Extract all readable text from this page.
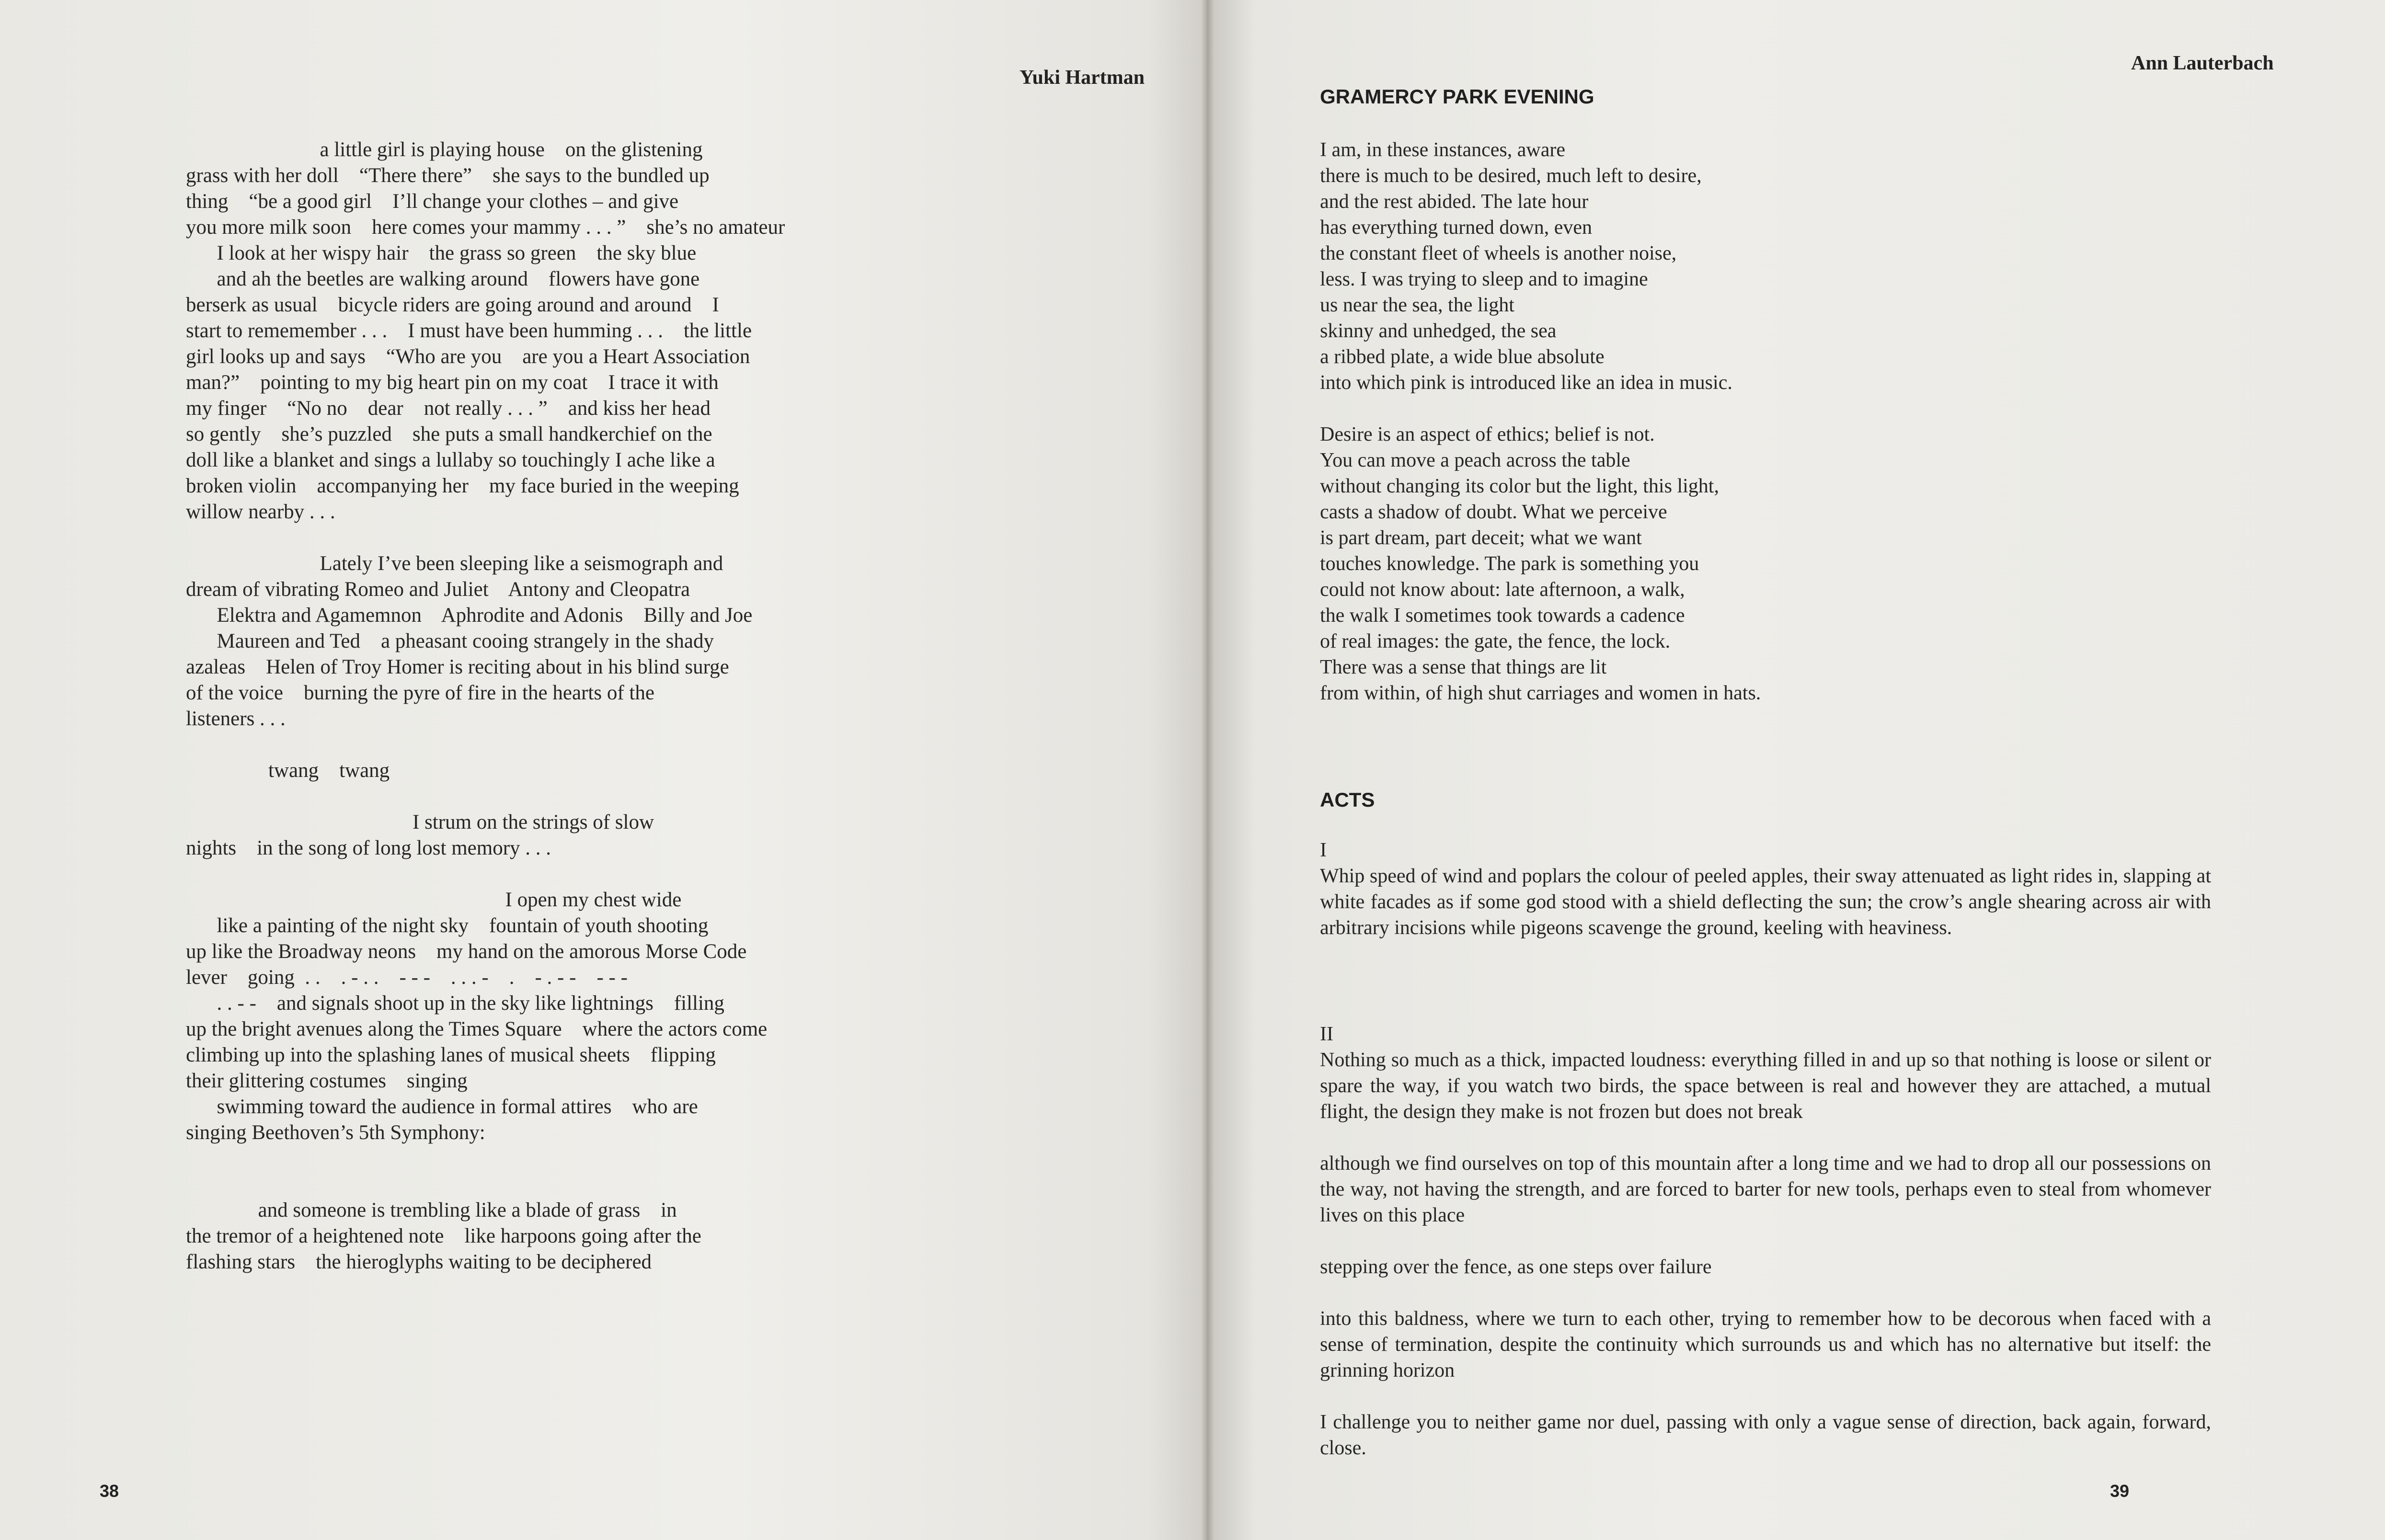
Yuki Hartman
a little girl is playing house    on the glistening
grass with her doll    “There there”    she says to the bundled up
thing    “be a good girl    I’ll change your clothes – and give
you more milk soon    here comes your mammy . . . ”    she’s no amateur
I look at her wispy hair    the grass so green    the sky blue
and ah the beetles are walking around    flowers have gone
berserk as usual    bicycle riders are going around and around    I
start to rememember . . .    I must have been humming . . .    the little
girl looks up and says    “Who are you    are you a Heart Association
man?”    pointing to my big heart pin on my coat    I trace it with
my finger    “No no    dear    not really . . . ”    and kiss her head
so gently    she’s puzzled    she puts a small handkerchief on the
doll like a blanket and sings a lullaby so touchingly I ache like a
broken violin    accompanying her    my face buried in the weeping
willow nearby . . .
Lately I’ve been sleeping like a seismograph and
dream of vibrating Romeo and Juliet    Antony and Cleopatra
Elektra and Agamemnon    Aphrodite and Adonis    Billy and Joe
Maureen and Ted    a pheasant cooing strangely in the shady
azaleas    Helen of Troy Homer is reciting about in his blind surge
of the voice    burning the pyre of fire in the hearts of the
listeners . . .
twang    twang
I strum on the strings of slow
nights    in the song of long lost memory . . .
I open my chest wide
like a painting of the night sky    fountain of youth shooting
up like the Broadway neons    my hand on the amorous Morse Code
lever    going  . .    . - . .    - - -    . . . -    .    - . - -    - - -
. . - -    and signals shoot up in the sky like lightnings    filling
up the bright avenues along the Times Square    where the actors come
climbing up into the splashing lanes of musical sheets    flipping
their glittering costumes    singing
swimming toward the audience in formal attires    who are
singing Beethoven’s 5th Symphony:
and someone is trembling like a blade of grass    in
the tremor of a heightened note    like harpoons going after the
flashing stars    the hieroglyphs waiting to be deciphered
38
Ann Lauterbach
39
GRAMERCY PARK EVENING
I am, in these instances, aware
there is much to be desired, much left to desire,
and the rest abided. The late hour
has everything turned down, even
the constant fleet of wheels is another noise,
less. I was trying to sleep and to imagine
us near the sea, the light
skinny and unhedged, the sea
a ribbed plate, a wide blue absolute
into which pink is introduced like an idea in music.
Desire is an aspect of ethics; belief is not.
You can move a peach across the table
without changing its color but the light, this light,
casts a shadow of doubt. What we perceive
is part dream, part deceit; what we want
touches knowledge. The park is something you
could not know about: late afternoon, a walk,
the walk I sometimes took towards a cadence
of real images: the gate, the fence, the lock.
There was a sense that things are lit
from within, of high shut carriages and women in hats.
ACTS
I
Whip speed of wind and poplars the colour of peeled apples, their sway attenuated as light rides in, slapping at white facades as if some god stood with a shield deflecting the sun; the crow’s angle shearing across air with arbitrary incisions while pigeons scavenge the ground, keeling with heaviness.
II
Nothing so much as a thick, impacted loudness: everything filled in and up so that nothing is loose or silent or spare the way, if you watch two birds, the space between is real and however they are attached, a mutual flight, the design they make is not frozen but does not break
although we find ourselves on top of this mountain after a long time and we had to drop all our possessions on the way, not having the strength, and are forced to barter for new tools, perhaps even to steal from whomever lives on this place
stepping over the fence, as one steps over failure
into this baldness, where we turn to each other, trying to remember how to be decorous when faced with a sense of termination, despite the continuity which surrounds us and which has no alternative but itself: the grinning horizon
I challenge you to neither game nor duel, passing with only a vague sense of direction, back again, forward, close.
